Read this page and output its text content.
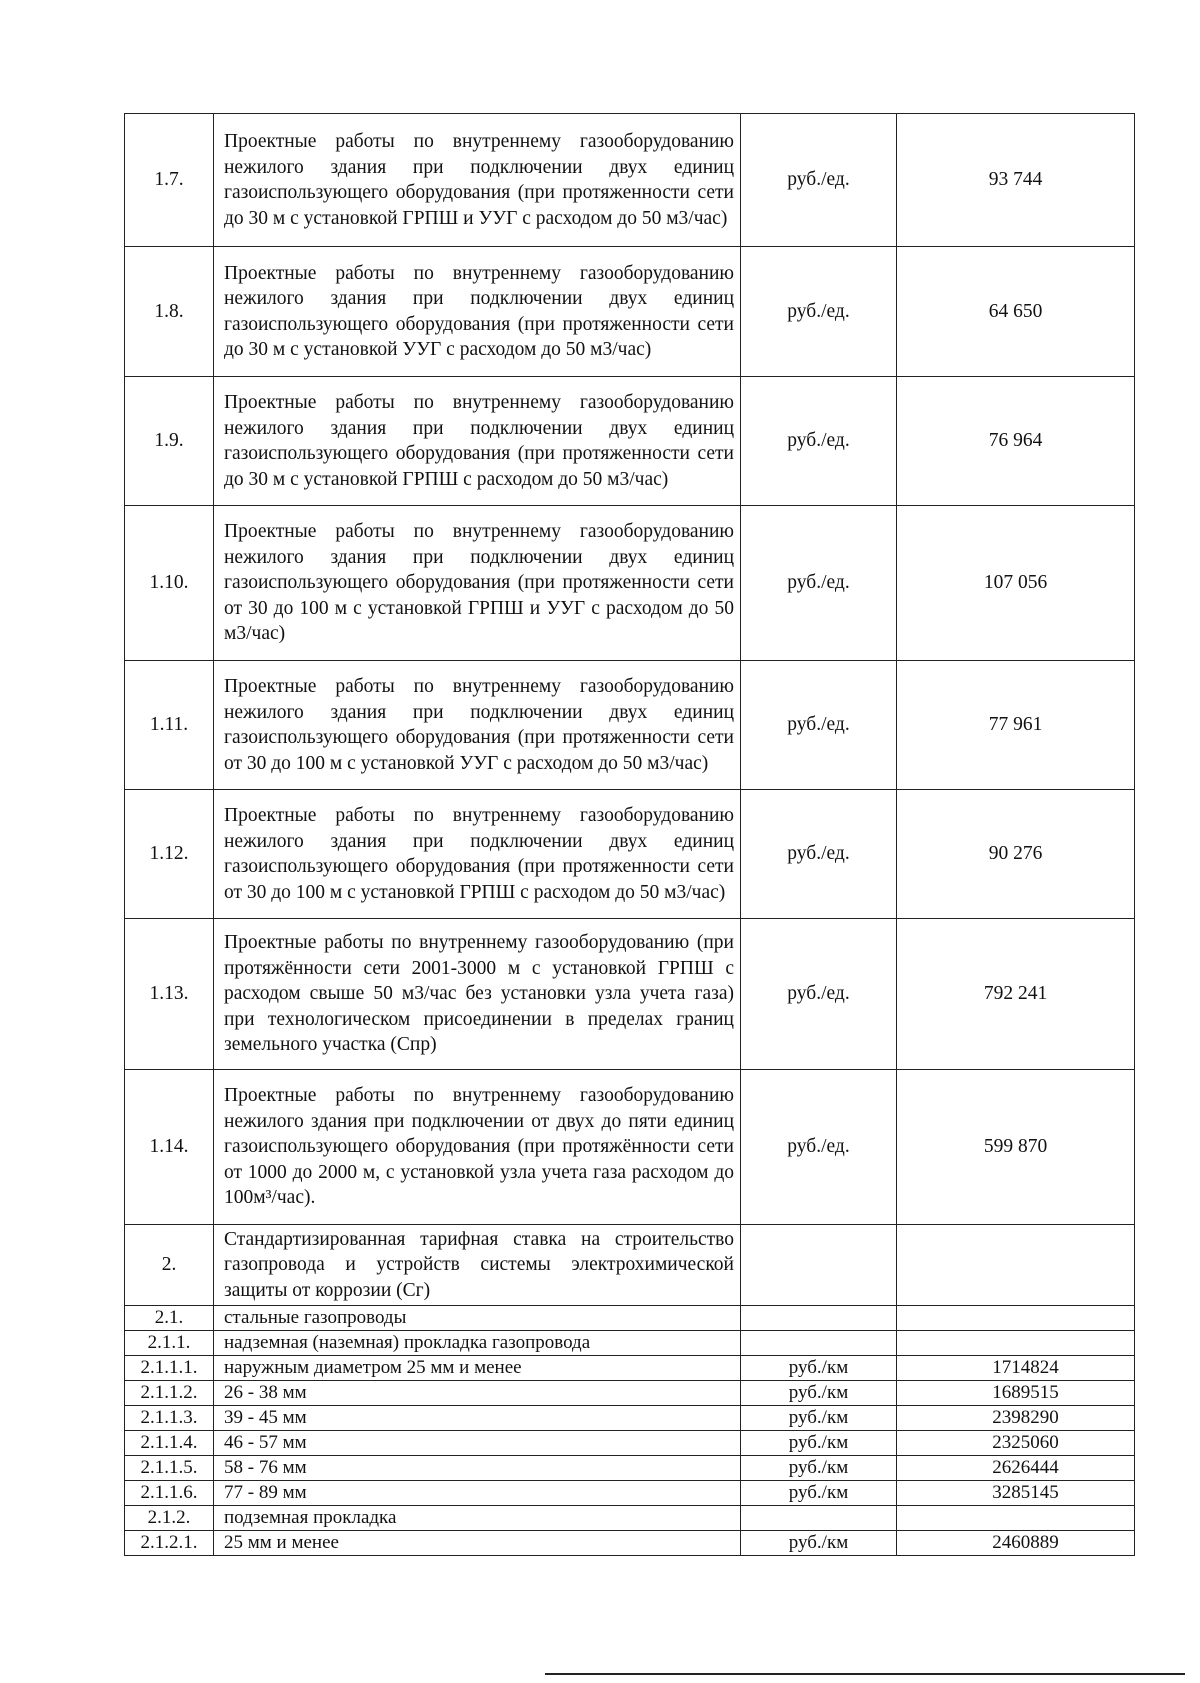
1.7.	Проектные работы по внутреннему газооборудованию нежилого здания при подключении двух единиц газоиспользующего оборудования (при протяженности сети до 30 м с установкой ГРПШ и УУГ с расходом до 50 м3/час)	руб./ед.	93 744
1.8.	Проектные работы по внутреннему газооборудованию нежилого здания при подключении двух единиц газоиспользующего оборудования (при протяженности сети до 30 м с установкой УУГ с расходом до 50 м3/час)	руб./ед.	64 650
1.9.	Проектные работы по внутреннему газооборудованию нежилого здания при подключении двух единиц газоиспользующего оборудования (при протяженности сети до 30 м с установкой ГРПШ с расходом до 50 м3/час)	руб./ед.	76 964
1.10.	Проектные работы по внутреннему газооборудованию нежилого здания при подключении двух единиц газоиспользующего оборудования (при протяженности сети от 30 до 100 м с установкой ГРПШ и УУГ с расходом до 50 м3/час)	руб./ед.	107 056
1.11.	Проектные работы по внутреннему газооборудованию нежилого здания при подключении двух единиц газоиспользующего оборудования (при протяженности сети от 30 до 100 м с установкой УУГ с расходом до 50 м3/час)	руб./ед.	77 961
1.12.	Проектные работы по внутреннему газооборудованию нежилого здания при подключении двух единиц газоиспользующего оборудования (при протяженности сети от 30 до 100 м с установкой ГРПШ с расходом до 50 м3/час)	руб./ед.	90 276
1.13.	Проектные работы по внутреннему газооборудованию (при протяжённости сети 2001-3000 м с установкой ГРПШ с расходом свыше 50 м3/час без установки узла учета газа) при технологическом присоединении в пределах границ земельного участка (Спр)	руб./ед.	792 241
1.14.	Проектные работы по внутреннему газооборудованию нежилого здания при подключении от двух до пяти единиц газоиспользующего оборудования (при протяжённости сети от 1000 до 2000 м, с установкой узла учета газа расходом до 100м³/час).	руб./ед.	599 870
2.	Стандартизированная тарифная ставка на строительство газопровода и устройств системы электрохимической защиты от коррозии (Сг)		
2.1.	стальные газопроводы		
2.1.1.	надземная (наземная) прокладка газопровода		
2.1.1.1.	наружным диаметром 25 мм и менее	руб./км	1714824
2.1.1.2.	26 - 38 мм	руб./км	1689515
2.1.1.3.	39 - 45 мм	руб./км	2398290
2.1.1.4.	46 - 57 мм	руб./км	2325060
2.1.1.5.	58 - 76 мм	руб./км	2626444
2.1.1.6.	77 - 89 мм	руб./км	3285145
2.1.2.	подземная прокладка		
2.1.2.1.	25 мм и менее	руб./км	2460889
